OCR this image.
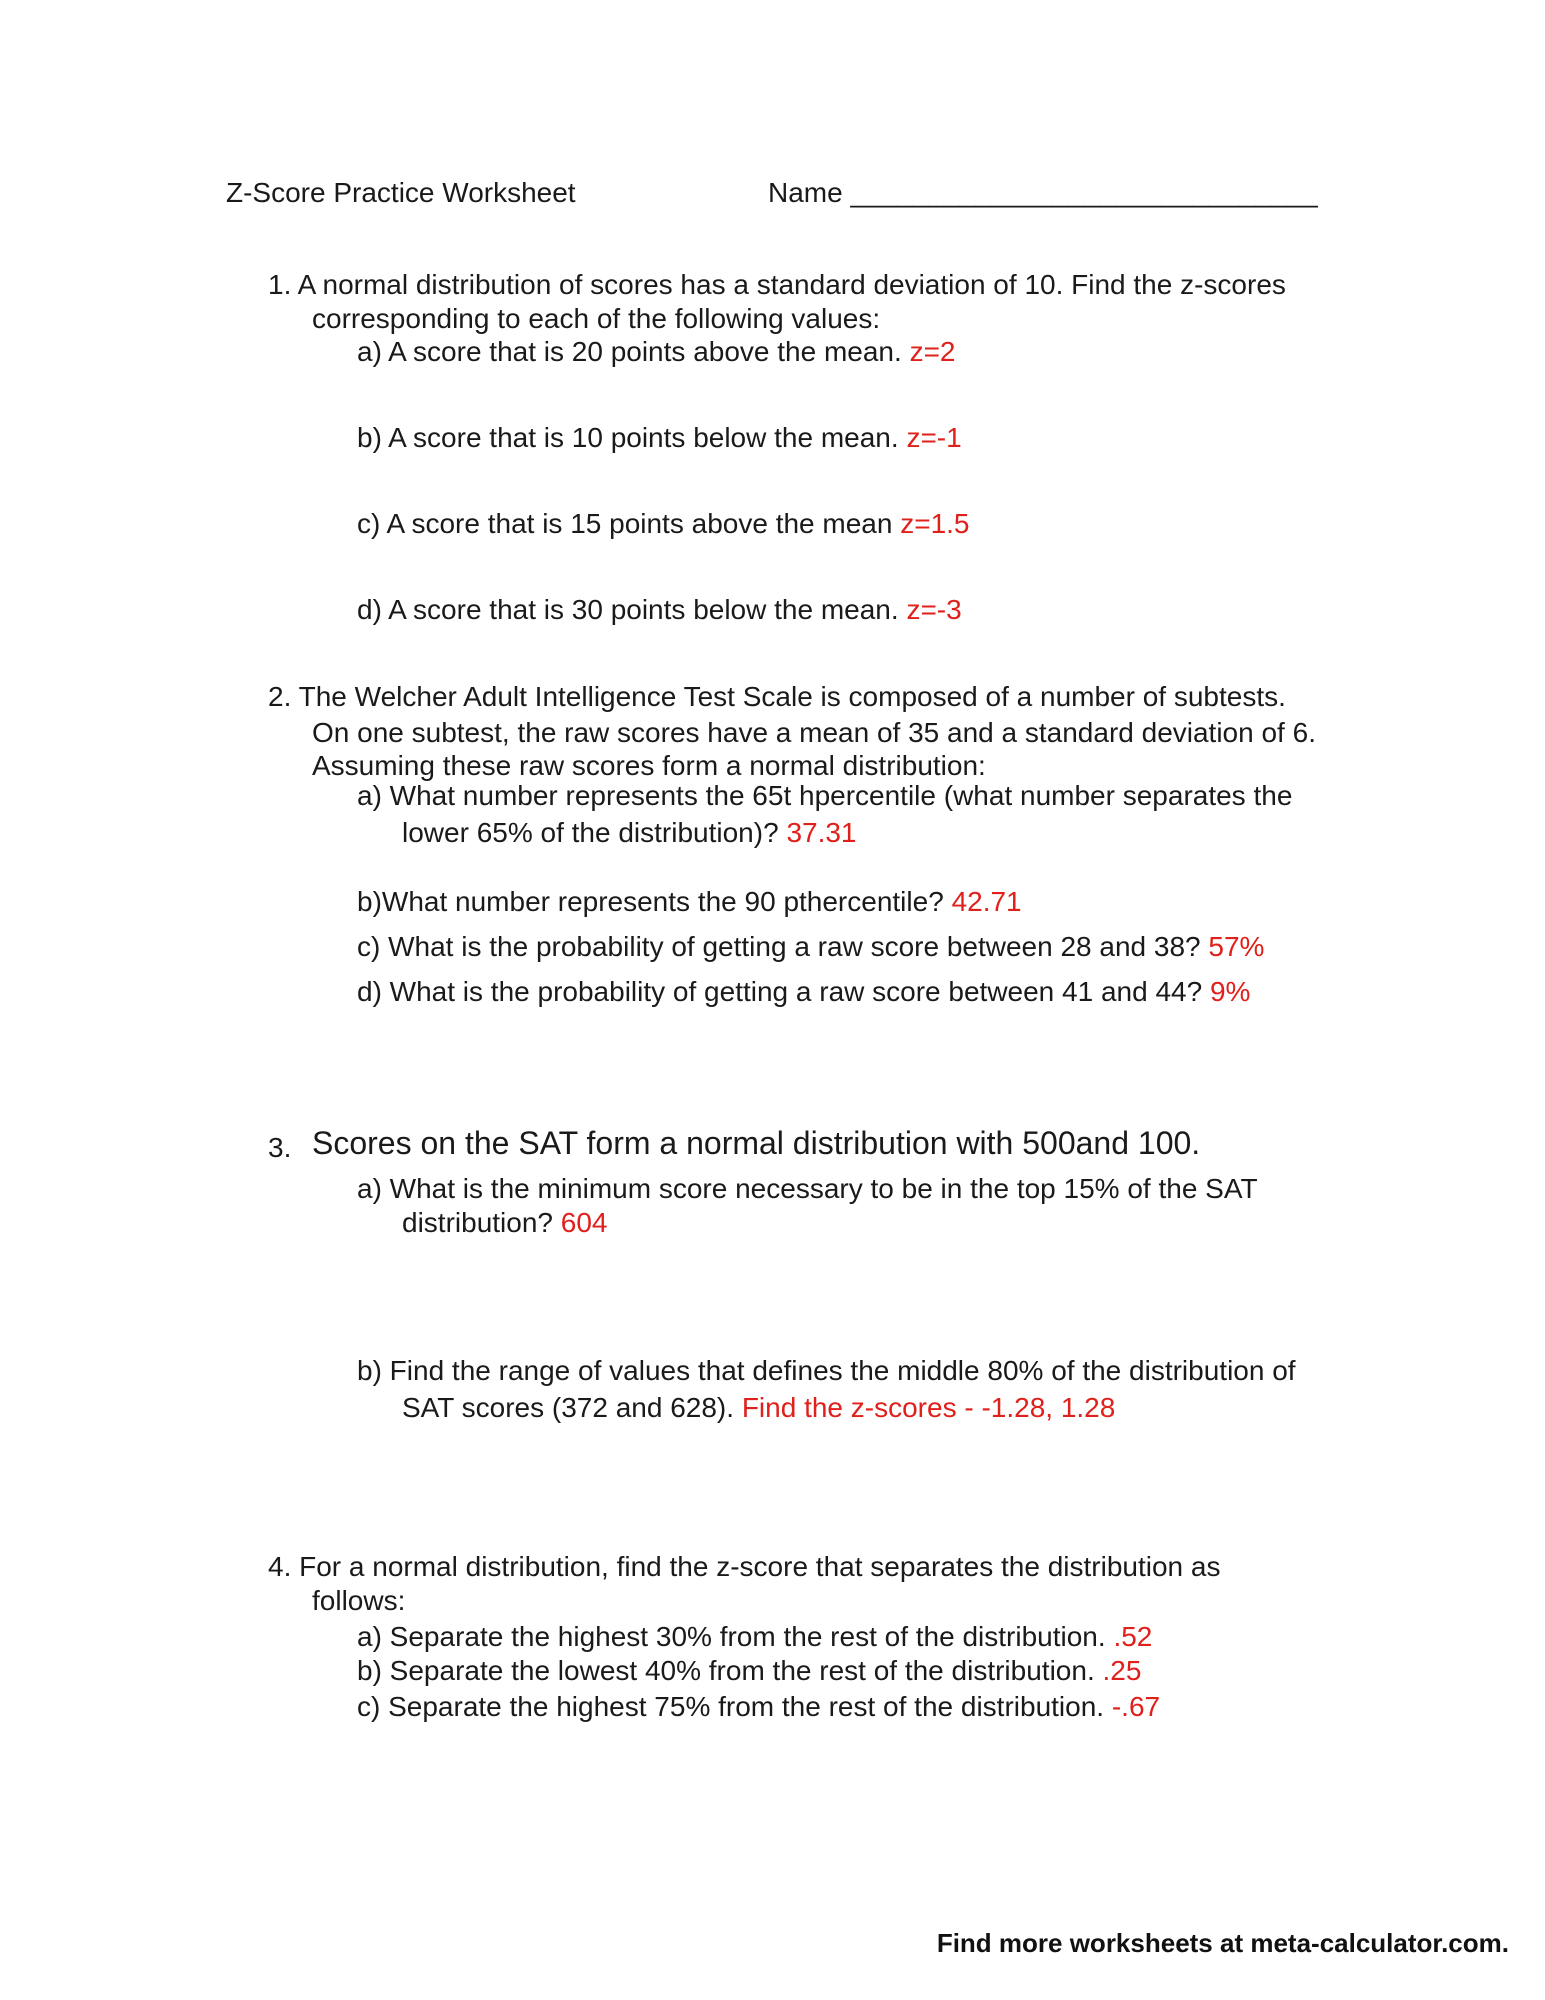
Z-Score Practice Worksheet	Name ______________________________
1. A normal distribution of scores has a standard deviation of 10. Find the z-scores
corresponding to each of the following values:
a) A score that is 20 points above the mean. z=2
b) A score that is 10 points below the mean. z=-1
c) A score that is 15 points above the mean z=1.5
d) A score that is 30 points below the mean. z=-3
2. The Welcher Adult Intelligence Test Scale is composed of a number of subtests.
On one subtest, the raw scores have a mean of 35 and a standard deviation of 6.
Assuming these raw scores form a normal distribution:
a) What number represents the 65t hpercentile (what number separates the
lower 65% of the distribution)? 37.31
b)What number represents the 90 pthercentile? 42.71
c) What is the probability of getting a raw score between 28 and 38? 57%
d) What is the probability of getting a raw score between 41 and 44? 9%
3. Scores on the SAT form a normal distribution with 500and 100.
a) What is the minimum score necessary to be in the top 15% of the SAT
distribution? 604
b) Find the range of values that defines the middle 80% of the distribution of
SAT scores (372 and 628). Find the z-scores - -1.28, 1.28
4. For a normal distribution, find the z-score that separates the distribution as
follows:
a) Separate the highest 30% from the rest of the distribution. .52
b) Separate the lowest 40% from the rest of the distribution. .25
c) Separate the highest 75% from the rest of the distribution. -.67
Find more worksheets at meta-calculator.com.
